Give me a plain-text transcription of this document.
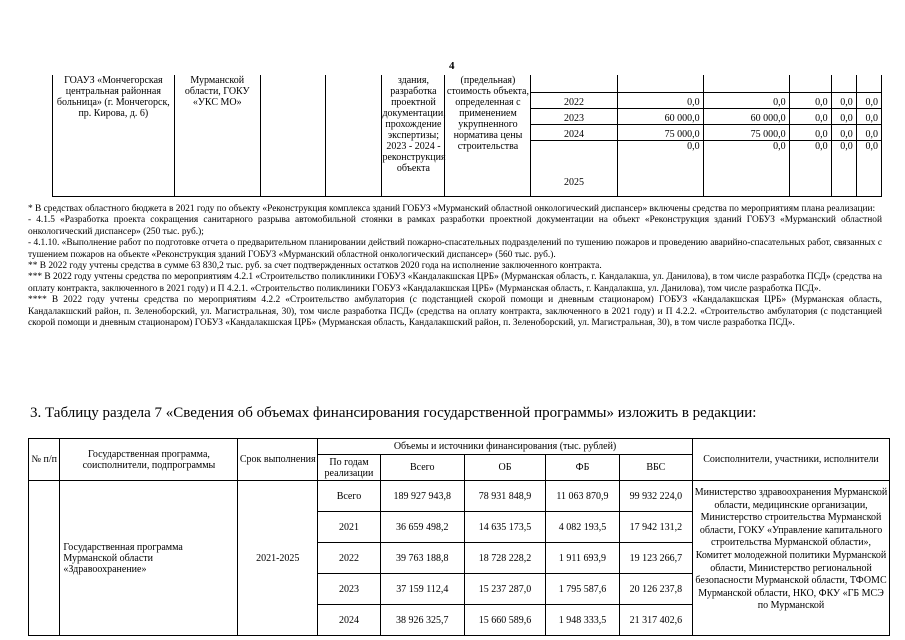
4
ГОАУЗ «Мончегорская центральная районная больница» (г. Мончегорск, пр. Кирова, д. 6)	Мурманской области, ГОКУ «УКС МО»			здания, разработка проектной документации, прохождение экспертизы; 2023 - 2024 - реконструкция объекта	(предельная) стоимость объекта, определенная с применением укрупненного норматива цены строительства						
						2022	0,0	0,0	0,0	0,0	0,0
						2023	60 000,0	60 000,0	0,0	0,0	0,0
						2024	75 000,0	75 000,0	0,0	0,0	0,0
						2025	0,0	0,0	0,0	0,0	0,0

* В средствах областного бюджета в 2021 году по объекту «Реконструкция комплекса зданий ГОБУЗ «Мурманский областной онкологический диспансер» включены средства по мероприятиям плана реализации:

- 4.1.5 «Разработка проекта сокращения санитарного разрыва автомобильной стоянки в рамках разработки проектной документации на объект «Реконструкция зданий ГОБУЗ «Мурманский областной онкологический диспансер» (250 тыс. руб.);

- 4.1.10. «Выполнение работ по подготовке отчета о предварительном планировании действий пожарно-спасательных подразделений по тушению пожаров и проведению аварийно-спасательных работ, связанных с тушением пожаров на объекте «Реконструкция зданий ГОБУЗ «Мурманский областной онкологический диспансер» (560 тыс. руб.).

** В 2022 году учтены средства в сумме 63 830,2 тыс. руб. за счет подтвержденных остатков 2020 года на исполнение заключенного контракта.

*** В 2022 году учтены средства по мероприятиям 4.2.1 «Строительство поликлиники ГОБУЗ «Кандалакшская ЦРБ» (Мурманская область, г. Кандалакша, ул. Данилова), в том числе разработка ПСД» (средства на оплату контракта, заключенного в 2021 году) и П 4.2.1. «Строительство поликлиники ГОБУЗ «Кандалакшская ЦРБ» (Мурманская область, г. Кандалакша, ул. Данилова), том числе разработка ПСД».

**** В 2022 году учтены средства по мероприятиям 4.2.2 «Строительство амбулатория (с подстанцией скорой помощи и дневным стационаром) ГОБУЗ «Кандалакшская ЦРБ» (Мурманская область, Кандалакшский район, п. Зеленоборский, ул. Магистральная, 30), том числе разработка ПСД» (средства на оплату контракта, заключенного в 2021 году) и П 4.2.2. «Строительство амбулатория (с подстанцией скорой помощи и дневным стационаром) ГОБУЗ «Кандалакшская ЦРБ» (Мурманская область, Кандалакшский район, п. Зеленоборский, ул. Магистральная, 30), в том числе разработка ПСД».

3. Таблицу раздела 7 «Сведения об объемах финансирования государственной программы» изложить в редакции:
№ п/п	Государственная программа, соисполнители, подпрограммы	Срок выполнения	Объемы и источники финансирования (тыс. рублей)					Соисполнители, участники, исполнители
			По годам реализации	Всего	ОБ	ФБ	ВБС	
	Государственная программа Мурманской области «Здравоохранение»	2021-2025	Всего	189 927 943,8	78 931 848,9	11 063 870,9	99 932 224,0	Министерство здравоохранения Мурманской области, медицинские организации, Министерство строительства Мурманской области, ГОКУ «Управление капитального строительства Мурманской области», Комитет молодежной политики Мурманской области, Министерство региональной безопасности Мурманской области, ТФОМС Мурманской области, НКО, ФКУ «ГБ МСЭ по Мурманской
			2021	36 659 498,2	14 635 173,5	4 082 193,5	17 942 131,2	
			2022	39 763 188,8	18 728 228,2	1 911 693,9	19 123 266,7	
			2023	37 159 112,4	15 237 287,0	1 795 587,6	20 126 237,8	
			2024	38 926 325,7	15 660 589,6	1 948 333,5	21 317 402,6	
